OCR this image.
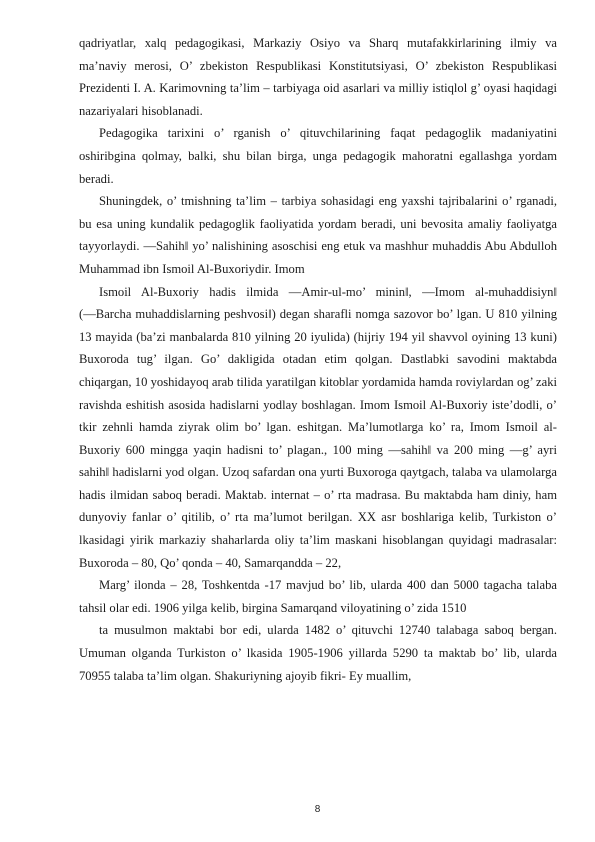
qadriyatlar, xalq pedagogikasi, Markaziy Osiyo va Sharq mutafakkirlarining ilmiy va ma’naviy merosi, O’ zbekiston Respublikasi Konstitutsiyasi, O’ zbekiston Respublikasi Prezidenti I. A. Karimovning ta’lim – tarbiyaga oid asarlari va milliy istiqlol g’ oyasi haqidagi nazariyalari hisoblanadi.

Pedagogika tarixini o’ rganish o’ qituvchilarining faqat pedagoglik madaniyatini oshiribgina qolmay, balki, shu bilan birga, unga pedagogik mahoratni egallashga yordam beradi.

Shuningdek, o’ tmishning ta’lim – tarbiya sohasidagi eng yaxshi tajribalarini o’ rganadi, bu esa uning kundalik pedagoglik faoliyatida yordam beradi, uni bevosita amaliy faoliyatga tayyorlaydi. ―Sahih‖ yo’ nalishining asoschisi eng etuk va mashhur muhaddis Abu Abdulloh Muhammad ibn Ismoil Al-Buxoriydir. Imom

Ismoil Al-Buxoriy hadis ilmida ―Amir-ul-mo’ minin‖, ―Imom al-muhaddisiyn‖ (―Barcha muhaddislarning peshvosi‖) degan sharafli nomga sazovor bo’ lgan. U 810 yilning 13 mayida (ba’zi manbalarda 810 yilning 20 iyulida) (hijriy 194 yil shavvol oyining 13 kuni) Buxoroda tug’ ilgan. Go’ dakligida otadan etim qolgan. Dastlabki savodini maktabda chiqargan, 10 yoshidayoq arab tilida yaratilgan kitoblar yordamida hamda roviylardan og’ zaki ravishda eshitish asosida hadislarni yodlay boshlagan. Imom Ismoil Al-Buxoriy iste’dodli, o’ tkir zehnli hamda ziyrak olim bo’ lgan. eshitgan. Ma’lumotlarga ko’ ra, Imom Ismoil al-Buxoriy 600 mingga yaqin hadisni to’ plagan., 100 ming ―sahih‖ va 200 ming ―g’ ayri sahih‖ hadislarni yod olgan. Uzoq safardan ona yurti Buxoroga qaytgach, talaba va ulamolarga hadis ilmidan saboq beradi. Maktab. internat – o’ rta madrasa. Bu maktabda ham diniy, ham dunyoviy fanlar o’ qitilib, o’ rta ma’lumot berilgan. XX asr boshlariga kelib, Turkiston o’ lkasidagi yirik markaziy shaharlarda oliy ta’lim maskani hisoblangan quyidagi madrasalar: Buxoroda – 80, Qo’ qonda – 40, Samarqandda – 22,

Marg’ ilonda – 28, Toshkentda -17 mavjud bo’ lib, ularda 400 dan 5000 tagacha talaba tahsil olar edi. 1906 yilga kelib, birgina Samarqand viloyatining o’ zida 1510

ta musulmon maktabi bor edi, ularda 1482 o’ qituvchi 12740 talabaga saboq bergan. Umuman olganda Turkiston o’ lkasida 1905-1906 yillarda 5290 ta maktab bo’ lib, ularda 70955 talaba ta’lim olgan. Shakuriyning ajoyib fikri- Ey muallim,

8
